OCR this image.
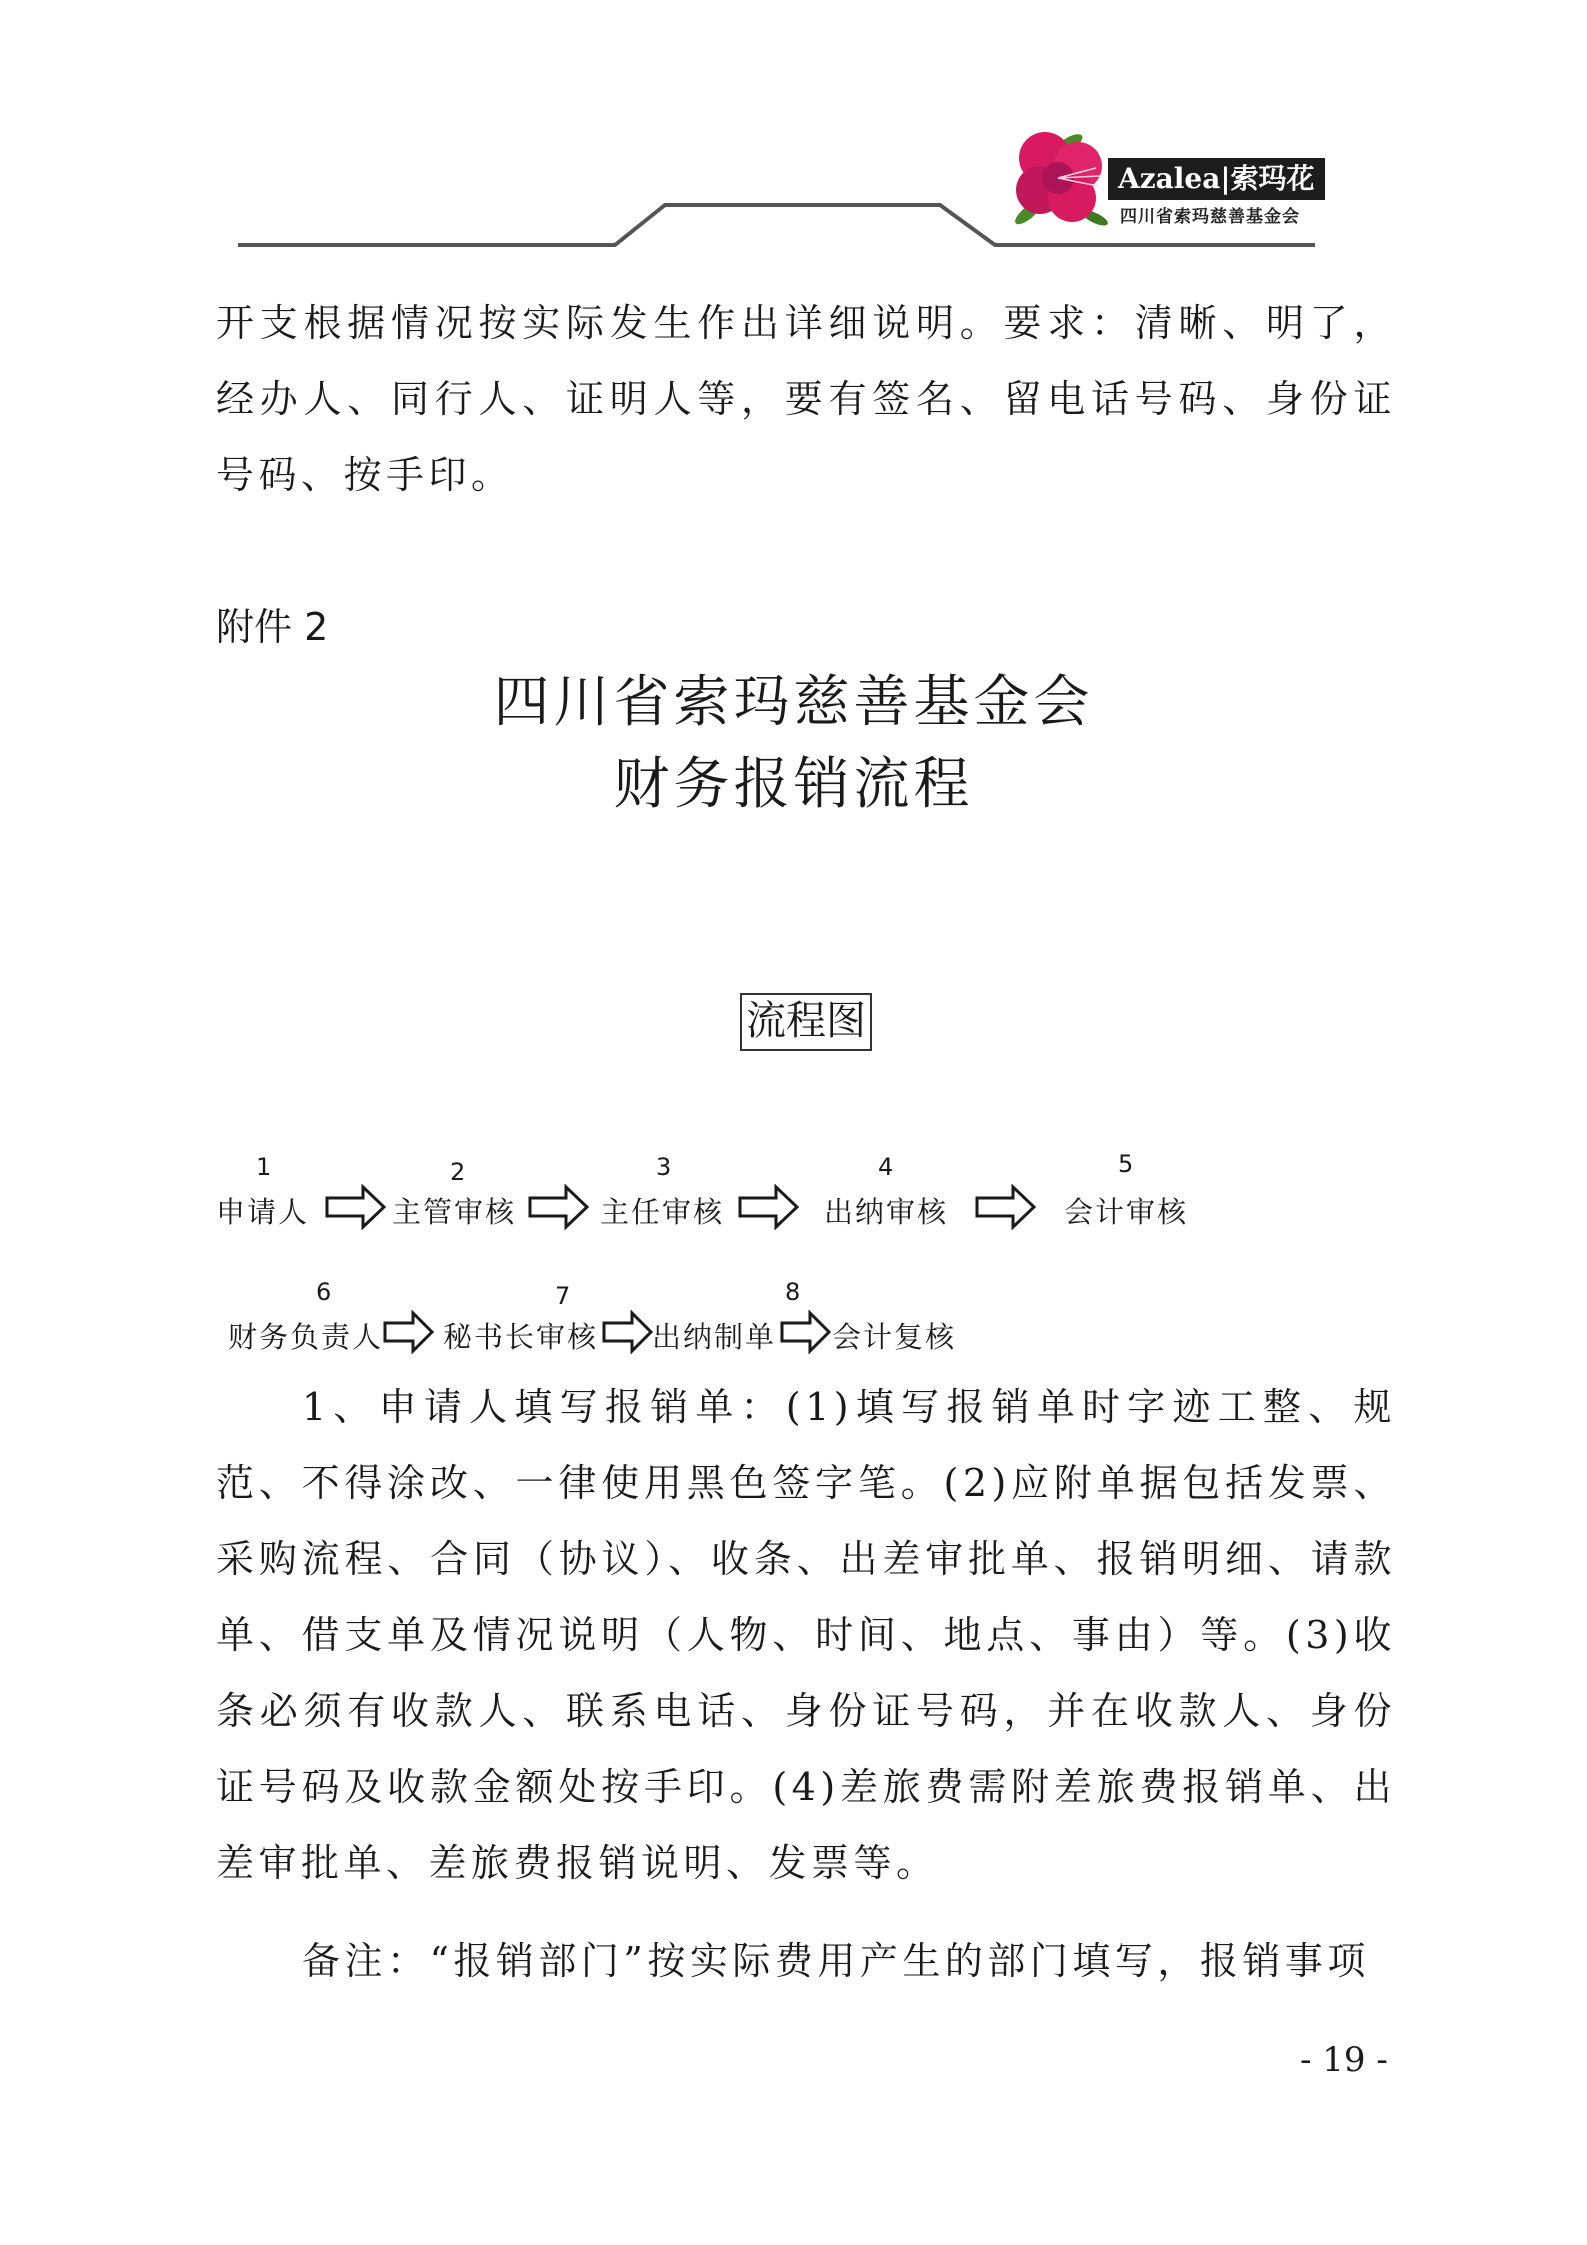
Azalea|索玛花
四川省索玛慈善基金会

开支根据情况按实际发生作出详细说明。要求：清晰、明了，经办人、同行人、证明人等，要有签名、留电话号码、身份证号码、按手印。

附件 2
四川省索玛慈善基金会
财务报销流程
流程图
1
申请人
2
主管审核
3
主任审核
4
出纳审核
5
会计审核
6
财务负责人
7
秘书长审核
8
出纳制单 会计复核

1、申请人填写报销单：(1)填写报销单时字迹工整、规范、不得涂改、一律使用黑色签字笔。(2)应附单据包括发票、采购流程、合同（协议）、收条、出差审批单、报销明细、请款单、借支单及情况说明（人物、时间、地点、事由）等。(3)收条必须有收款人、联系电话、身份证号码，并在收款人、身份证号码及收款金额处按手印。(4)差旅费需附差旅费报销单、出差审批单、差旅费报销说明、发票等。

备注：“报销部门”按实际费用产生的部门填写，报销事项

- 19 -
